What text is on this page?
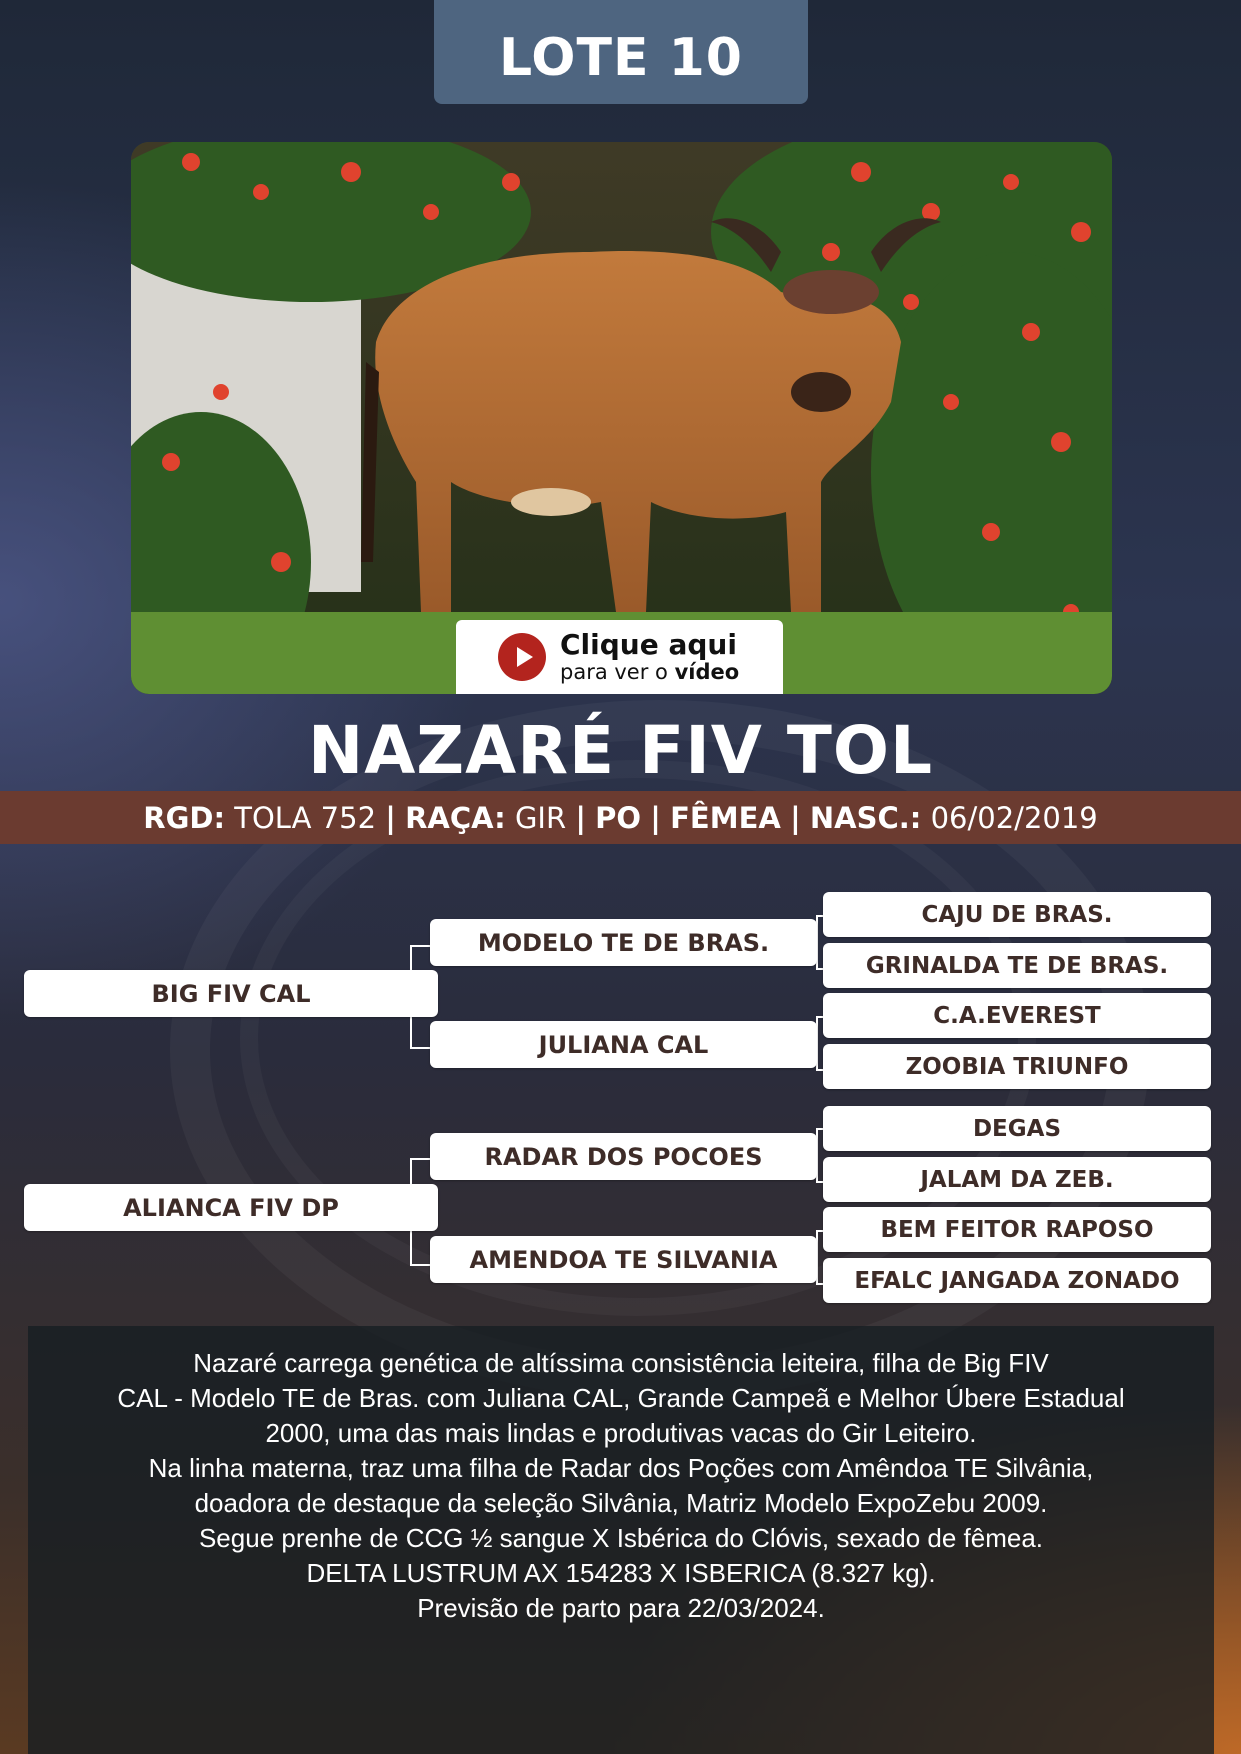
LOTE 10
Clique aqui
para ver o vídeo
NAZARÉ FIV TOL
RGD:
TOLA 752
|
RAÇA:
GIR
|
PO
|
FÊMEA
|
NASC.:
06/02/2019
BIG FIV CAL
ALIANCA FIV DP
MODELO TE DE BRAS.
JULIANA CAL
RADAR DOS POCOES
AMENDOA TE SILVANIA
CAJU DE BRAS.
GRINALDA TE DE BRAS.
C.A.EVEREST
ZOOBIA TRIUNFO
DEGAS
JALAM DA ZEB.
BEM FEITOR RAPOSO
EFALC JANGADA ZONADO

Nazaré carrega genética de altíssima consistência leiteira, filha de Big FIV
CAL - Modelo TE de Bras. com Juliana CAL, Grande Campeã e Melhor Úbere Estadual
2000, uma das mais lindas e produtivas vacas do Gir Leiteiro.
Na linha materna, traz uma filha de Radar dos Poções com Amêndoa TE Silvânia,
doadora de destaque da seleção Silvânia, Matriz Modelo ExpoZebu 2009.
Segue prenhe de CCG ½ sangue X Isbérica do Clóvis, sexado de fêmea.
DELTA LUSTRUM AX 154283 X ISBERICA (8.327 kg).
Previsão de parto para 22/03/2024.
